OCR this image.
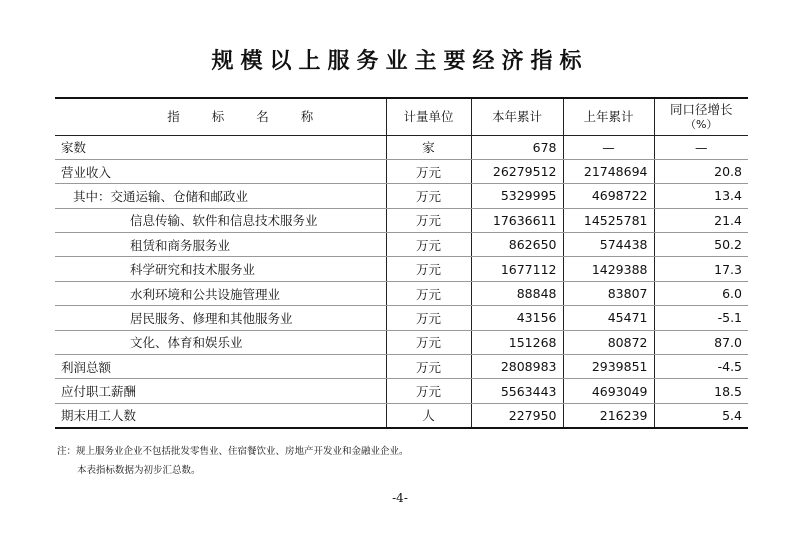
规模以上服务业主要经济指标
指 标 名 称	计量单位	本年累计	上年累计	同口径增长
（%）

家数	家	678	—	—
营业收入	万元	26279512	21748694	20.8
其中：交通运输、仓储和邮政业	万元	5329995	4698722	13.4
信息传输、软件和信息技术服务业	万元	17636611	14525781	21.4
租赁和商务服务业	万元	862650	574438	50.2
科学研究和技术服务业	万元	1677112	1429388	17.3
水利环境和公共设施管理业	万元	88848	83807	6.0
居民服务、修理和其他服务业	万元	43156	45471	-5.1
文化、体育和娱乐业	万元	151268	80872	87.0
利润总额	万元	2808983	2939851	-4.5
应付职工薪酬	万元	5563443	4693049	18.5
期末用工人数	人	227950	216239	5.4
注：规上服务业企业不包括批发零售业、住宿餐饮业、房地产开发业和金融业企业。
本表指标数据为初步汇总数。
-4-
